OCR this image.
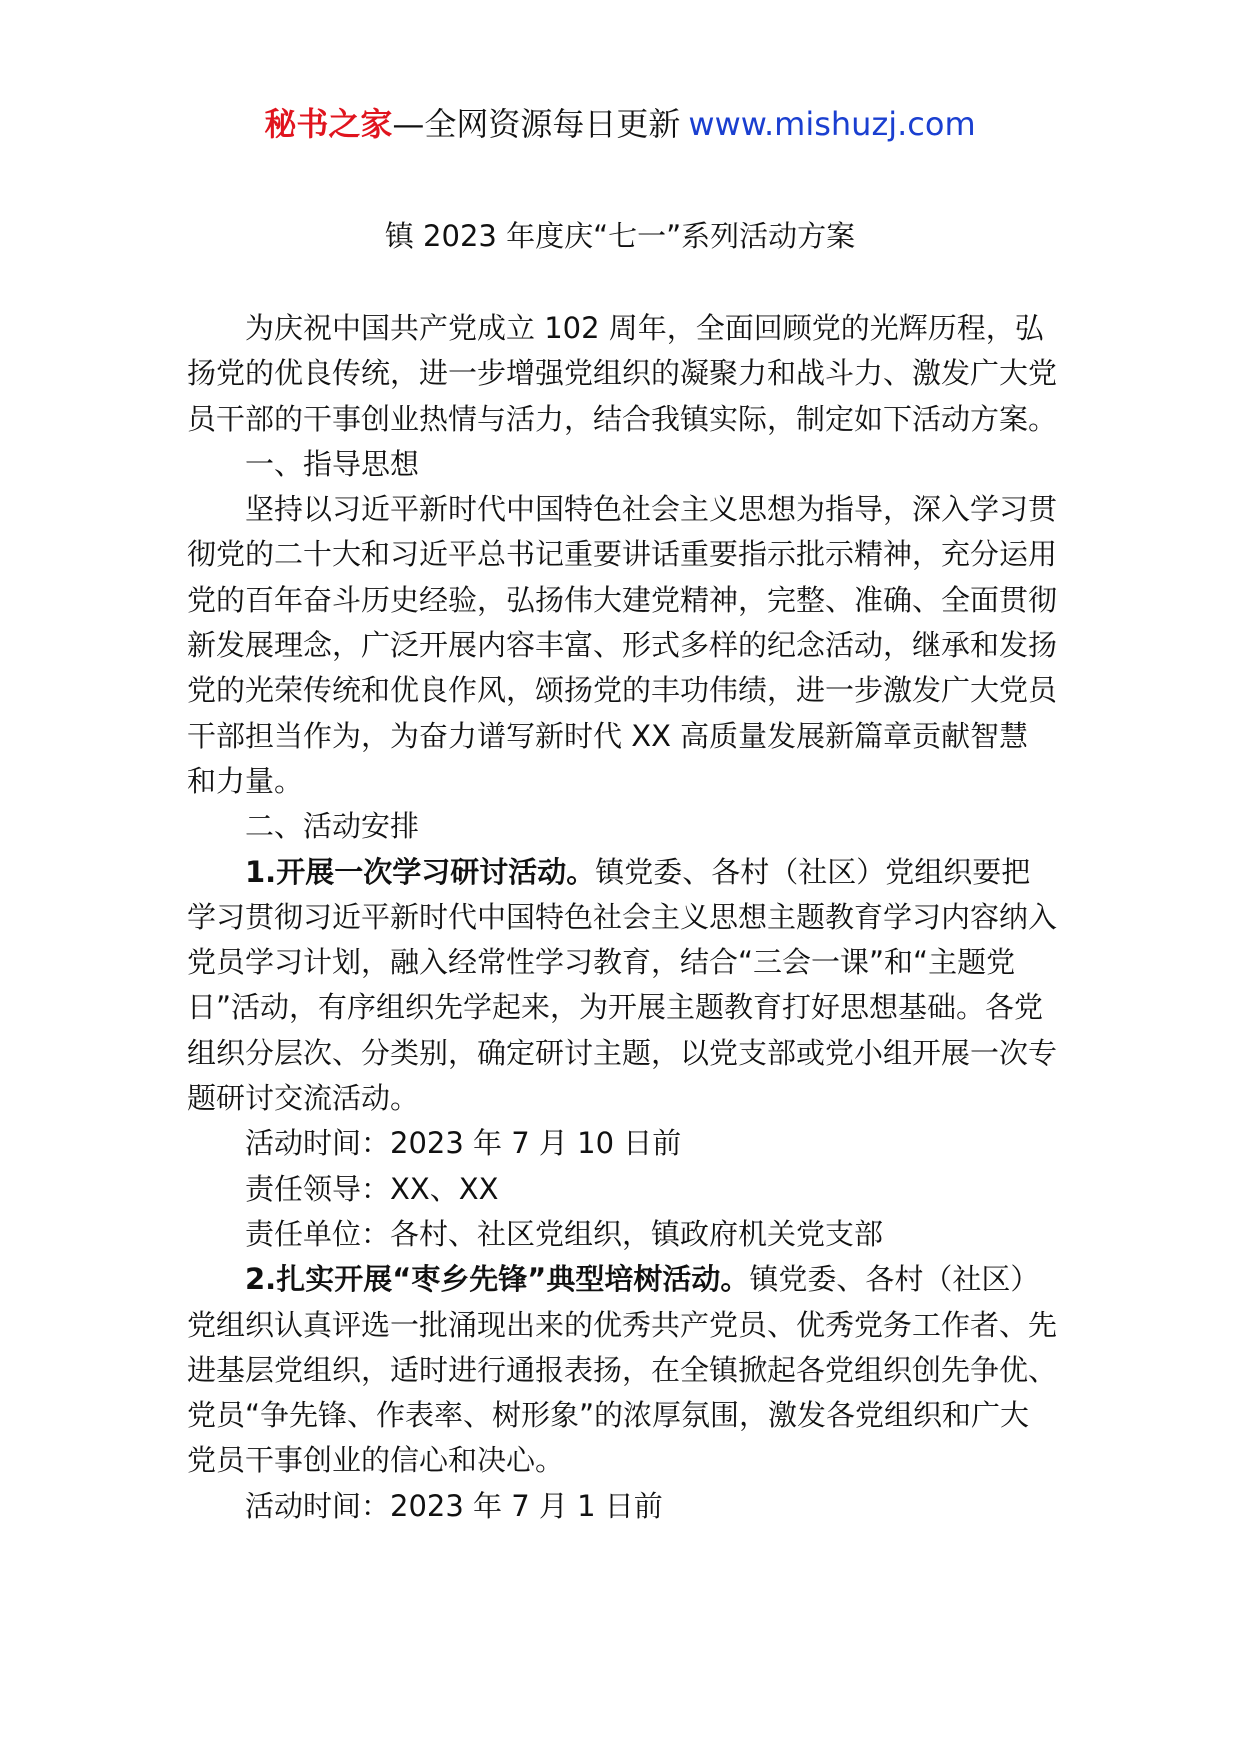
秘书之家—全网资源每日更新 www.mishuzj.com
镇 2023 年度庆“七一”系列活动方案

为庆祝中国共产党成立 102 周年，全面回顾党的光辉历程，弘扬党的优良传统，进一步增强党组织的凝聚力和战斗力、激发广大党员干部的干事创业热情与活力，结合我镇实际，制定如下活动方案。

一、指导思想

坚持以习近平新时代中国特色社会主义思想为指导，深入学习贯彻党的二十大和习近平总书记重要讲话重要指示批示精神，充分运用党的百年奋斗历史经验，弘扬伟大建党精神，完整、准确、全面贯彻新发展理念，广泛开展内容丰富、形式多样的纪念活动，继承和发扬党的光荣传统和优良作风，颂扬党的丰功伟绩，进一步激发广大党员干部担当作为，为奋力谱写新时代 XX 高质量发展新篇章贡献智慧和力量。

二、活动安排

1.开展一次学习研讨活动。镇党委、各村（社区）党组织要把学习贯彻习近平新时代中国特色社会主义思想主题教育学习内容纳入党员学习计划，融入经常性学习教育，结合“三会一课”和“主题党日”活动，有序组织先学起来，为开展主题教育打好思想基础。各党组织分层次、分类别，确定研讨主题，以党支部或党小组开展一次专题研讨交流活动。

活动时间：2023 年 7 月 10 日前

责任领导：XX、XX

责任单位：各村、社区党组织，镇政府机关党支部

2.扎实开展“枣乡先锋”典型培树活动。镇党委、各村（社区）党组织认真评选一批涌现出来的优秀共产党员、优秀党务工作者、先进基层党组织，适时进行通报表扬，在全镇掀起各党组织创先争优、党员“争先锋、作表率、树形象”的浓厚氛围，激发各党组织和广大党员干事创业的信心和决心。

活动时间：2023 年 7 月 1 日前
